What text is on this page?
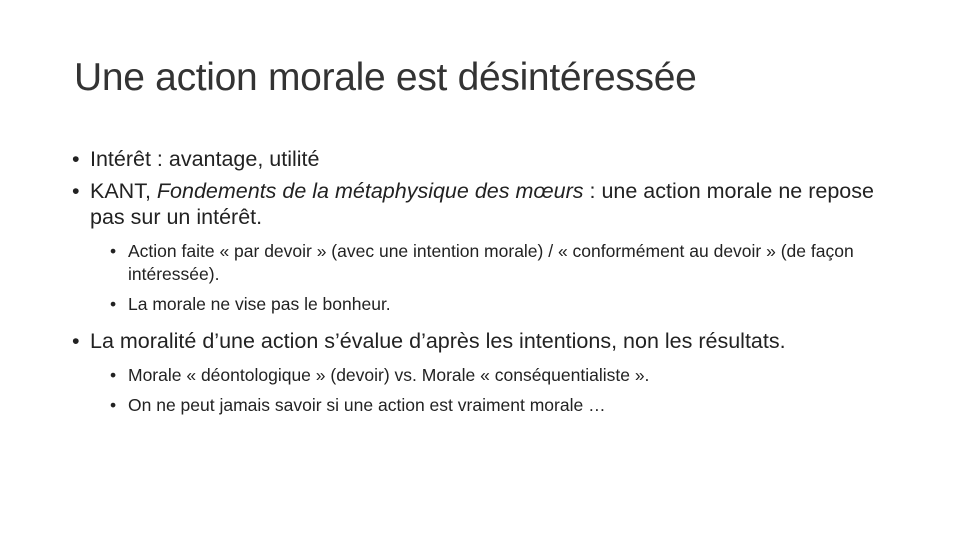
Une action morale est désintéressée
• Intérêt : avantage, utilité
• KANT, Fondements de la métaphysique des mœurs : une action morale ne repose pas sur un intérêt.
• Action faite « par devoir » (avec une intention morale) / « conformément au devoir » (de façon intéressée).
• La morale ne vise pas le bonheur.
• La moralité d’une action s’évalue d’après les intentions, non les résultats.
• Morale « déontologique » (devoir) vs. Morale « conséquentialiste ».
• On ne peut jamais savoir si une action est vraiment morale …
